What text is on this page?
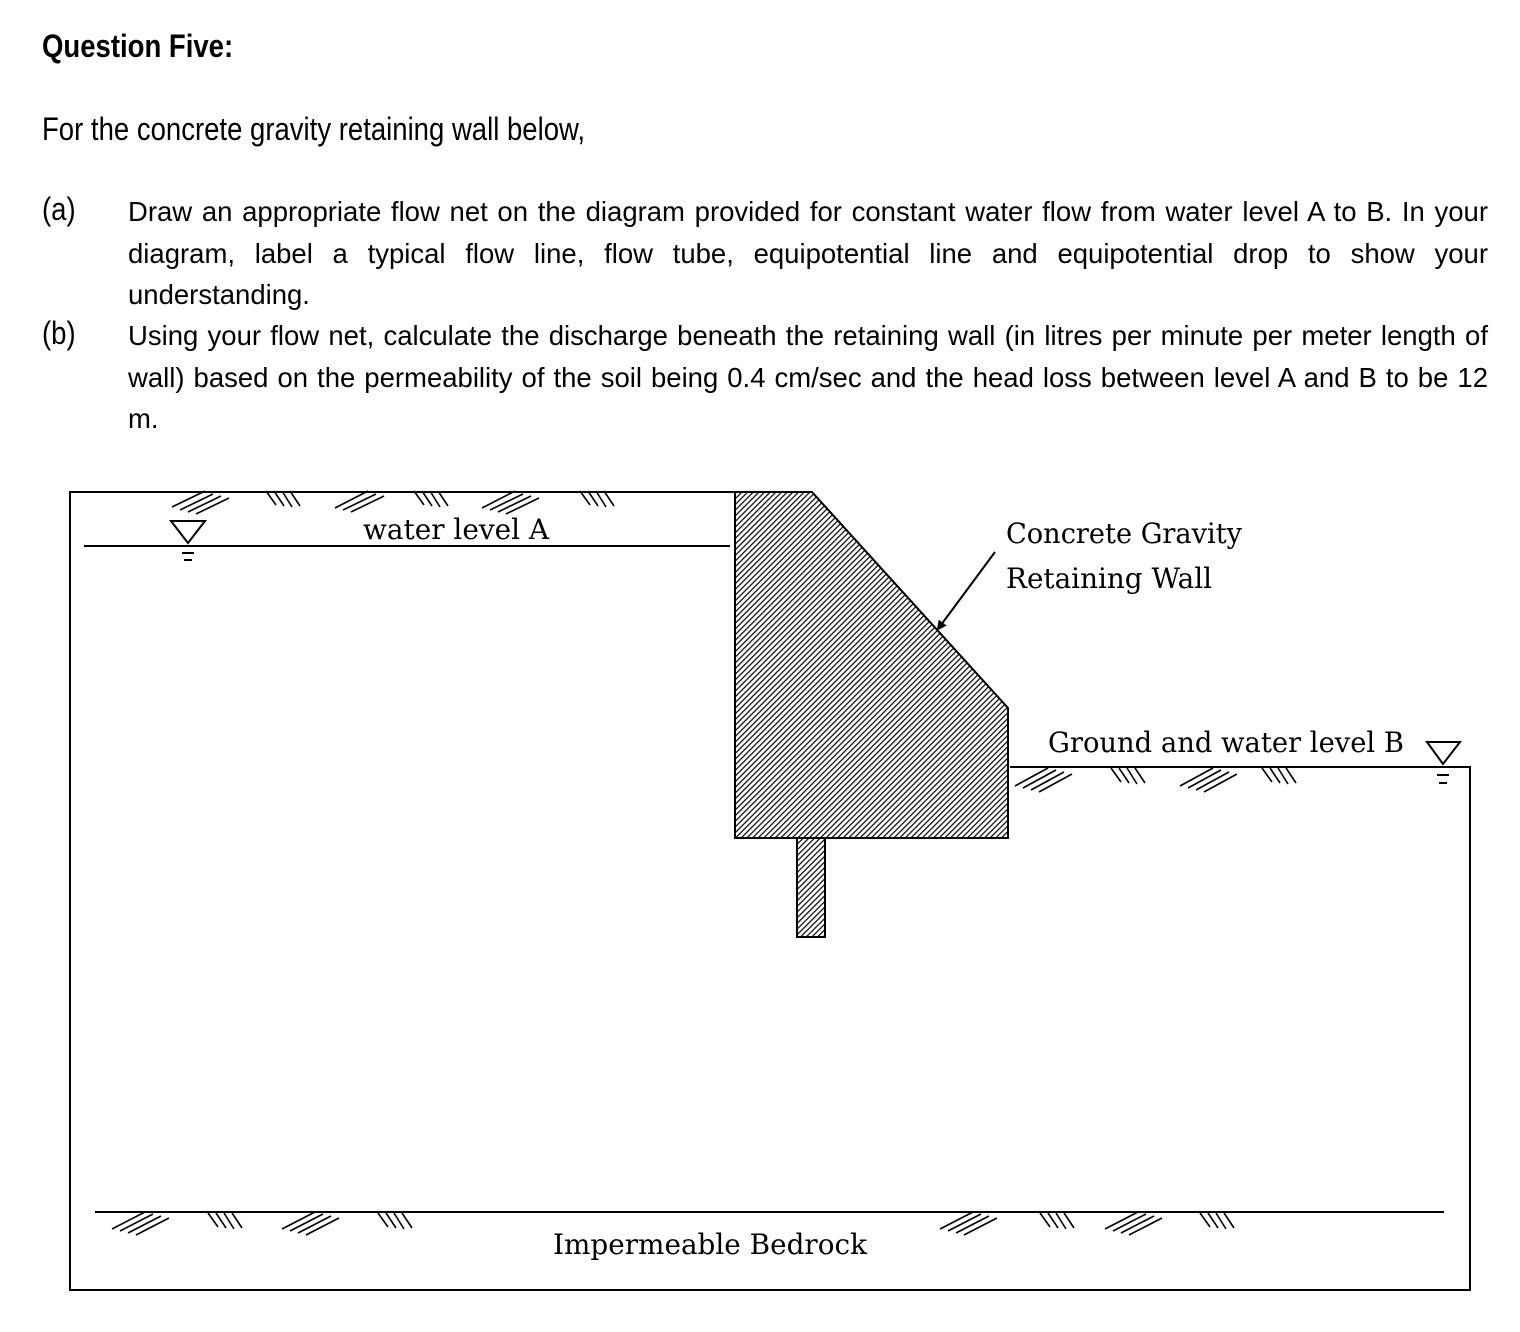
Question Five:
For the concrete gravity retaining wall below,
(a) Draw an appropriate flow net on the diagram provided for constant water flow from water level A to B. In your diagram, label a typical flow line, flow tube, equipotential line and equipotential drop to show your understanding.
(b) Using your flow net, calculate the discharge beneath the retaining wall (in litres per minute per meter length of wall) based on the permeability of the soil being 0.4 cm/sec and the head loss between level A and B to be 12 m.
water level A	Concrete Gravity
Retaining Wall
Ground and water level B
Impermeable Bedrock
